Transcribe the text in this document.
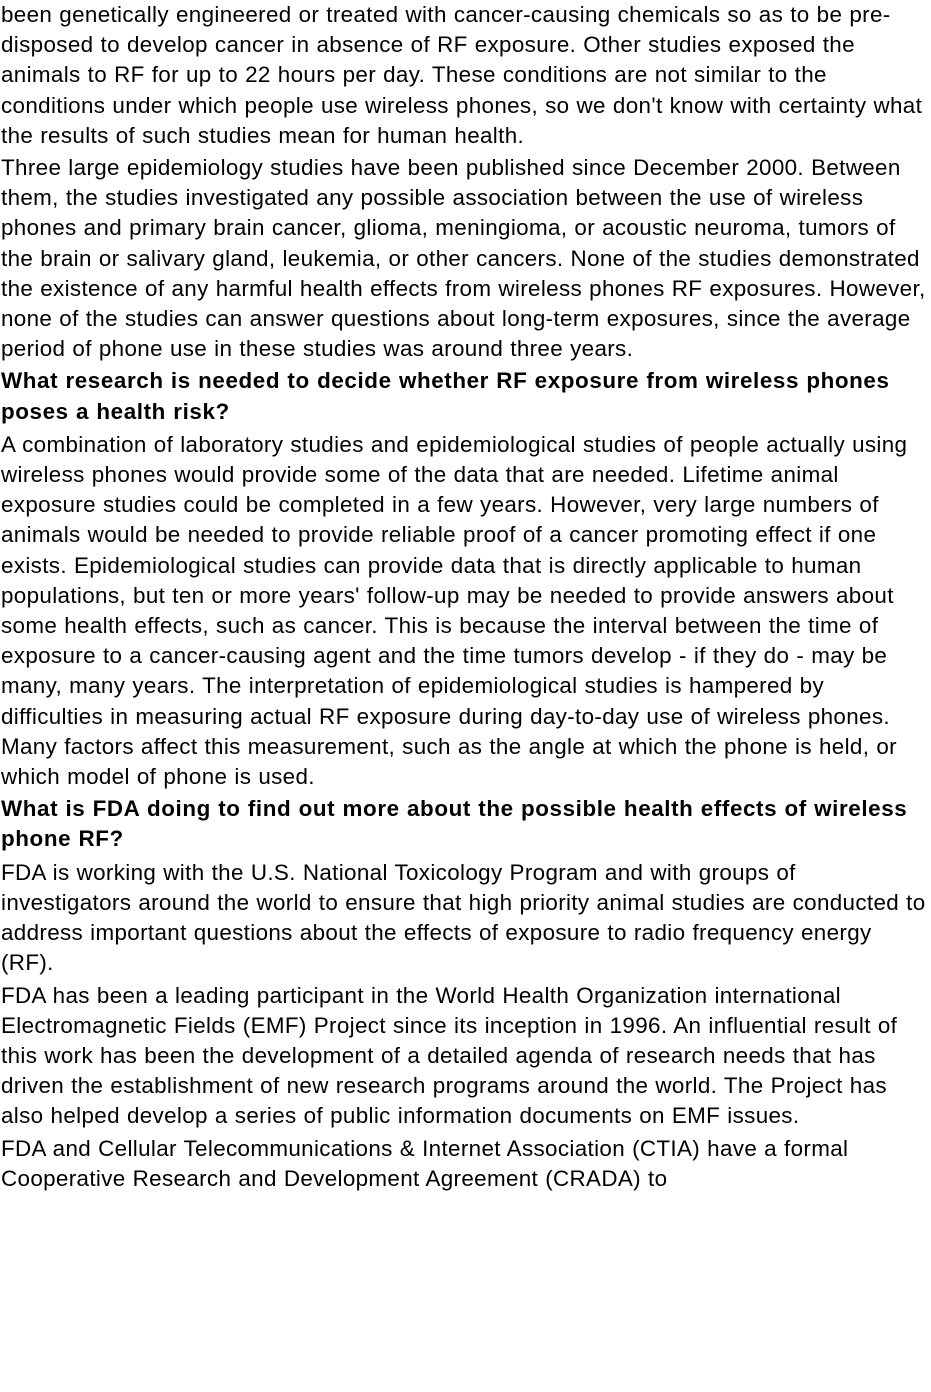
been genetically engineered or treated with cancer-causing chemicals so as to be pre-disposed to develop cancer in absence of RF exposure. Other studies exposed the animals to RF for up to 22 hours per day. These conditions are not similar to the conditions under which people use wireless phones, so we don't know with certainty what the results of such studies mean for human health.

Three large epidemiology studies have been published since December 2000. Between them, the studies investigated any possible association between the use of wireless phones and primary brain cancer, glioma, meningioma, or acoustic neuroma, tumors of the brain or salivary gland, leukemia, or other cancers. None of the studies demonstrated the existence of any harmful health effects from wireless phones RF exposures. However, none of the studies can answer questions about long-term exposures, since the average period of phone use in these studies was around three years.

What research is needed to decide whether RF exposure from wireless phones poses a health risk?

A combination of laboratory studies and epidemiological studies of people actually using wireless phones would provide some of the data that are needed. Lifetime animal exposure studies could be completed in a few years. However, very large numbers of animals would be needed to provide reliable proof of a cancer promoting effect if one exists. Epidemiological studies can provide data that is directly applicable to human populations, but ten or more years' follow-up may be needed to provide answers about some health effects, such as cancer. This is because the interval between the time of exposure to a cancer-causing agent and the time tumors develop - if they do - may be many, many years. The interpretation of epidemiological studies is hampered by difficulties in measuring actual RF exposure during day-to-day use of wireless phones. Many factors affect this measurement, such as the angle at which the phone is held, or which model of phone is used.

What is FDA doing to find out more about the possible health effects of wireless phone RF?

FDA is working with the U.S. National Toxicology Program and with groups of investigators around the world to ensure that high priority animal studies are conducted to address important questions about the effects of exposure to radio frequency energy (RF).

FDA has been a leading participant in the World Health Organization international Electromagnetic Fields (EMF) Project since its inception in 1996. An influential result of this work has been the development of a detailed agenda of research needs that has driven the establishment of new research programs around the world. The Project has also helped develop a series of public information documents on EMF issues.

FDA and Cellular Telecommunications & Internet Association (CTIA) have a formal Cooperative Research and Development Agreement (CRADA) to
